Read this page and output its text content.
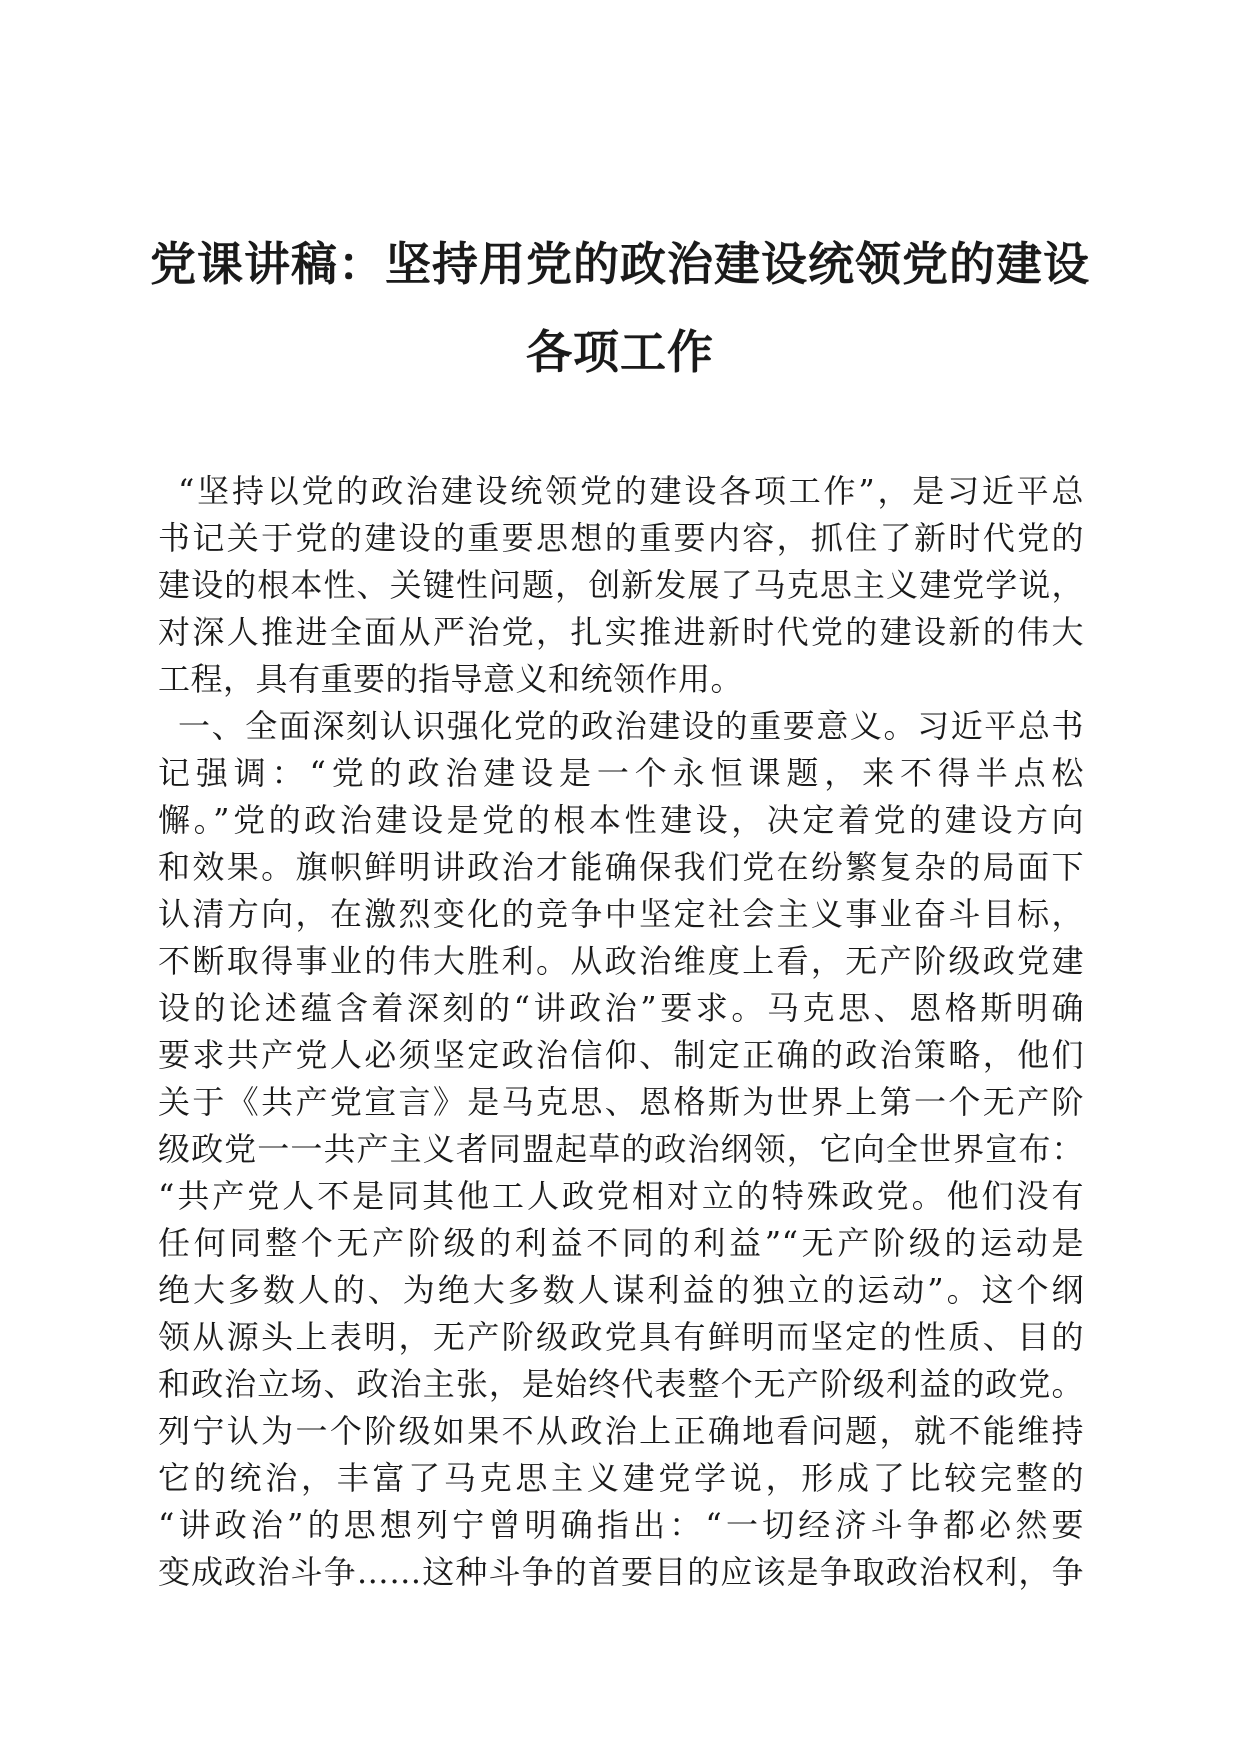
党课讲稿：坚持用党的政治建设统领党的建设
各项工作
“坚持以党的政治建设统领党的建设各项工作”，是习近平总
书记关于党的建设的重要思想的重要内容，抓住了新时代党的
建设的根本性、关键性问题，创新发展了马克思主义建党学说，
对深人推进全面从严治党，扎实推进新时代党的建设新的伟大
工程，具有重要的指导意义和统领作用。
一、全面深刻认识强化党的政治建设的重要意义。习近平总书
记强调：“党的政治建设是一个永恒课题，来不得半点松
懈。”党的政治建设是党的根本性建设，决定着党的建设方向
和效果。旗帜鲜明讲政治才能确保我们党在纷繁复杂的局面下
认清方向，在激烈变化的竞争中坚定社会主义事业奋斗目标，
不断取得事业的伟大胜利。从政治维度上看，无产阶级政党建
设的论述蕴含着深刻的“讲政治”要求。马克思、恩格斯明确
要求共产党人必须坚定政治信仰、制定正确的政治策略，他们
关于《共产党宣言》是马克思、恩格斯为世界上第一个无产阶
级政党一一共产主义者同盟起草的政治纲领，它向全世界宣布：
“共产党人不是同其他工人政党相对立的特殊政党。他们没有
任何同整个无产阶级的利益不同的利益”“无产阶级的运动是
绝大多数人的、为绝大多数人谋利益的独立的运动”。这个纲
领从源头上表明，无产阶级政党具有鲜明而坚定的性质、目的
和政治立场、政治主张，是始终代表整个无产阶级利益的政党。
列宁认为一个阶级如果不从政治上正确地看问题，就不能维持
它的统治，丰富了马克思主义建党学说，形成了比较完整的
“讲政治”的思想列宁曾明确指出：“一切经济斗争都必然要
变成政治斗争……这种斗争的首要目的应该是争取政治权利，争
